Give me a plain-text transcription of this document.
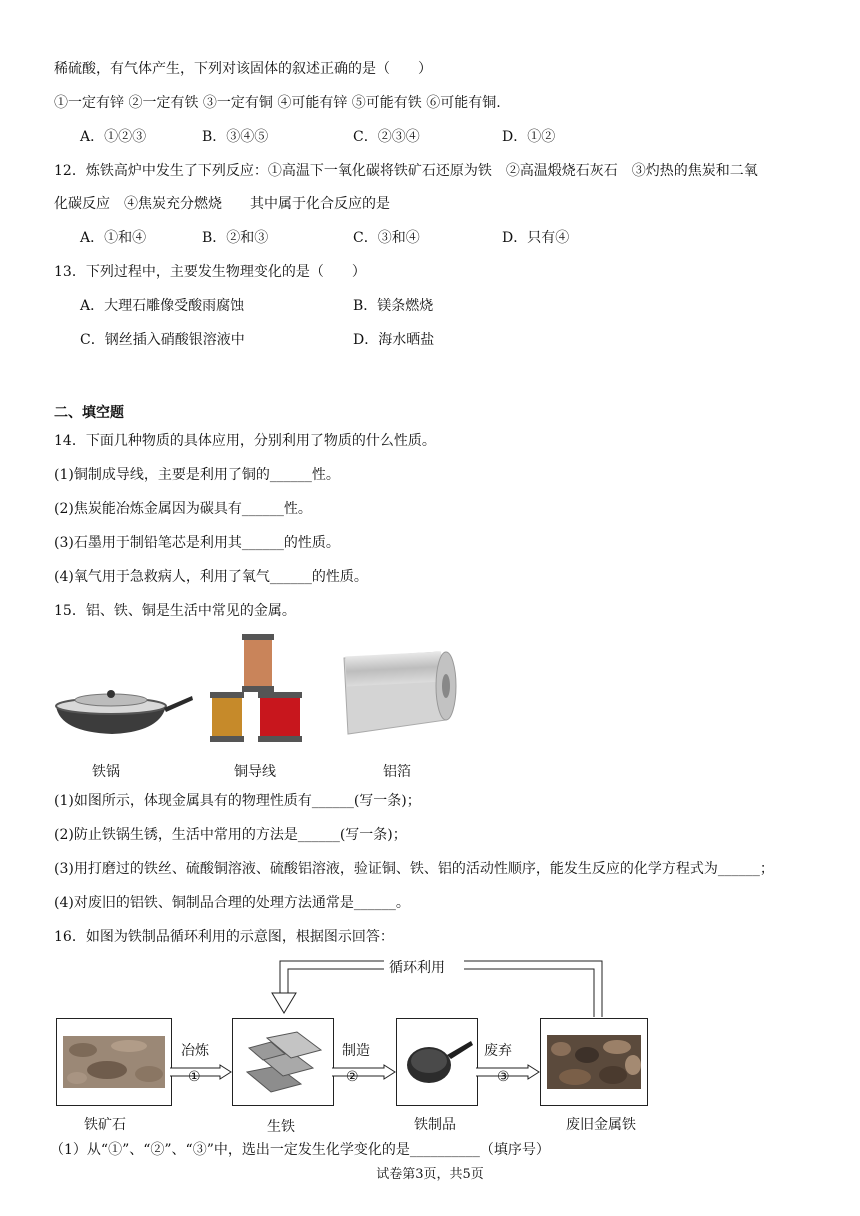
稀硫酸，有气体产生，下列对该固体的叙述正确的是（　　）
①一定有锌 ②一定有铁 ③一定有铜 ④可能有锌 ⑤可能有铁 ⑥可能有铜.
A．①②③	B．③④⑤	C．②③④	D．①②
12．炼铁高炉中发生了下列反应：①高温下一氧化碳将铁矿石还原为铁　②高温煅烧石灰石　③灼热的焦炭和二氧
化碳反应　④焦炭充分燃烧　　其中属于化合反应的是
A．①和④	B．②和③	C．③和④	D．只有④
13．下列过程中，主要发生物理变化的是（　　）
A．大理石雕像受酸雨腐蚀	B．镁条燃烧
C．钢丝插入硝酸银溶液中	D．海水晒盐
二、填空题
14．下面几种物质的具体应用，分别利用了物质的什么性质。
(1)铜制成导线，主要是利用了铜的______性。
(2)焦炭能冶炼金属因为碳具有______性。
(3)石墨用于制铅笔芯是利用其______的性质。
(4)氧气用于急救病人，利用了氧气______的性质。
15．铝、铁、铜是生活中常见的金属。
铁锅	铜导线	铝箔
(1)如图所示，体现金属具有的物理性质有______(写一条)；
(2)防止铁锅生锈，生活中常用的方法是______(写一条)；
(3)用打磨过的铁丝、硫酸铜溶液、硫酸铝溶液，验证铜、铁、铝的活动性顺序，能发生反应的化学方程式为______；
(4)对废旧的铝铁、铜制品合理的处理方法通常是______。
16．如图为铁制品循环利用的示意图，根据图示回答：
循环利用
冶炼
①
制造
②
废弃
③
铁矿石	生铁	铁制品	废旧金属铁
（1）从“①”、“②”、“③”中，选出一定发生化学变化的是__________（填序号）
试卷第3页，共5页
